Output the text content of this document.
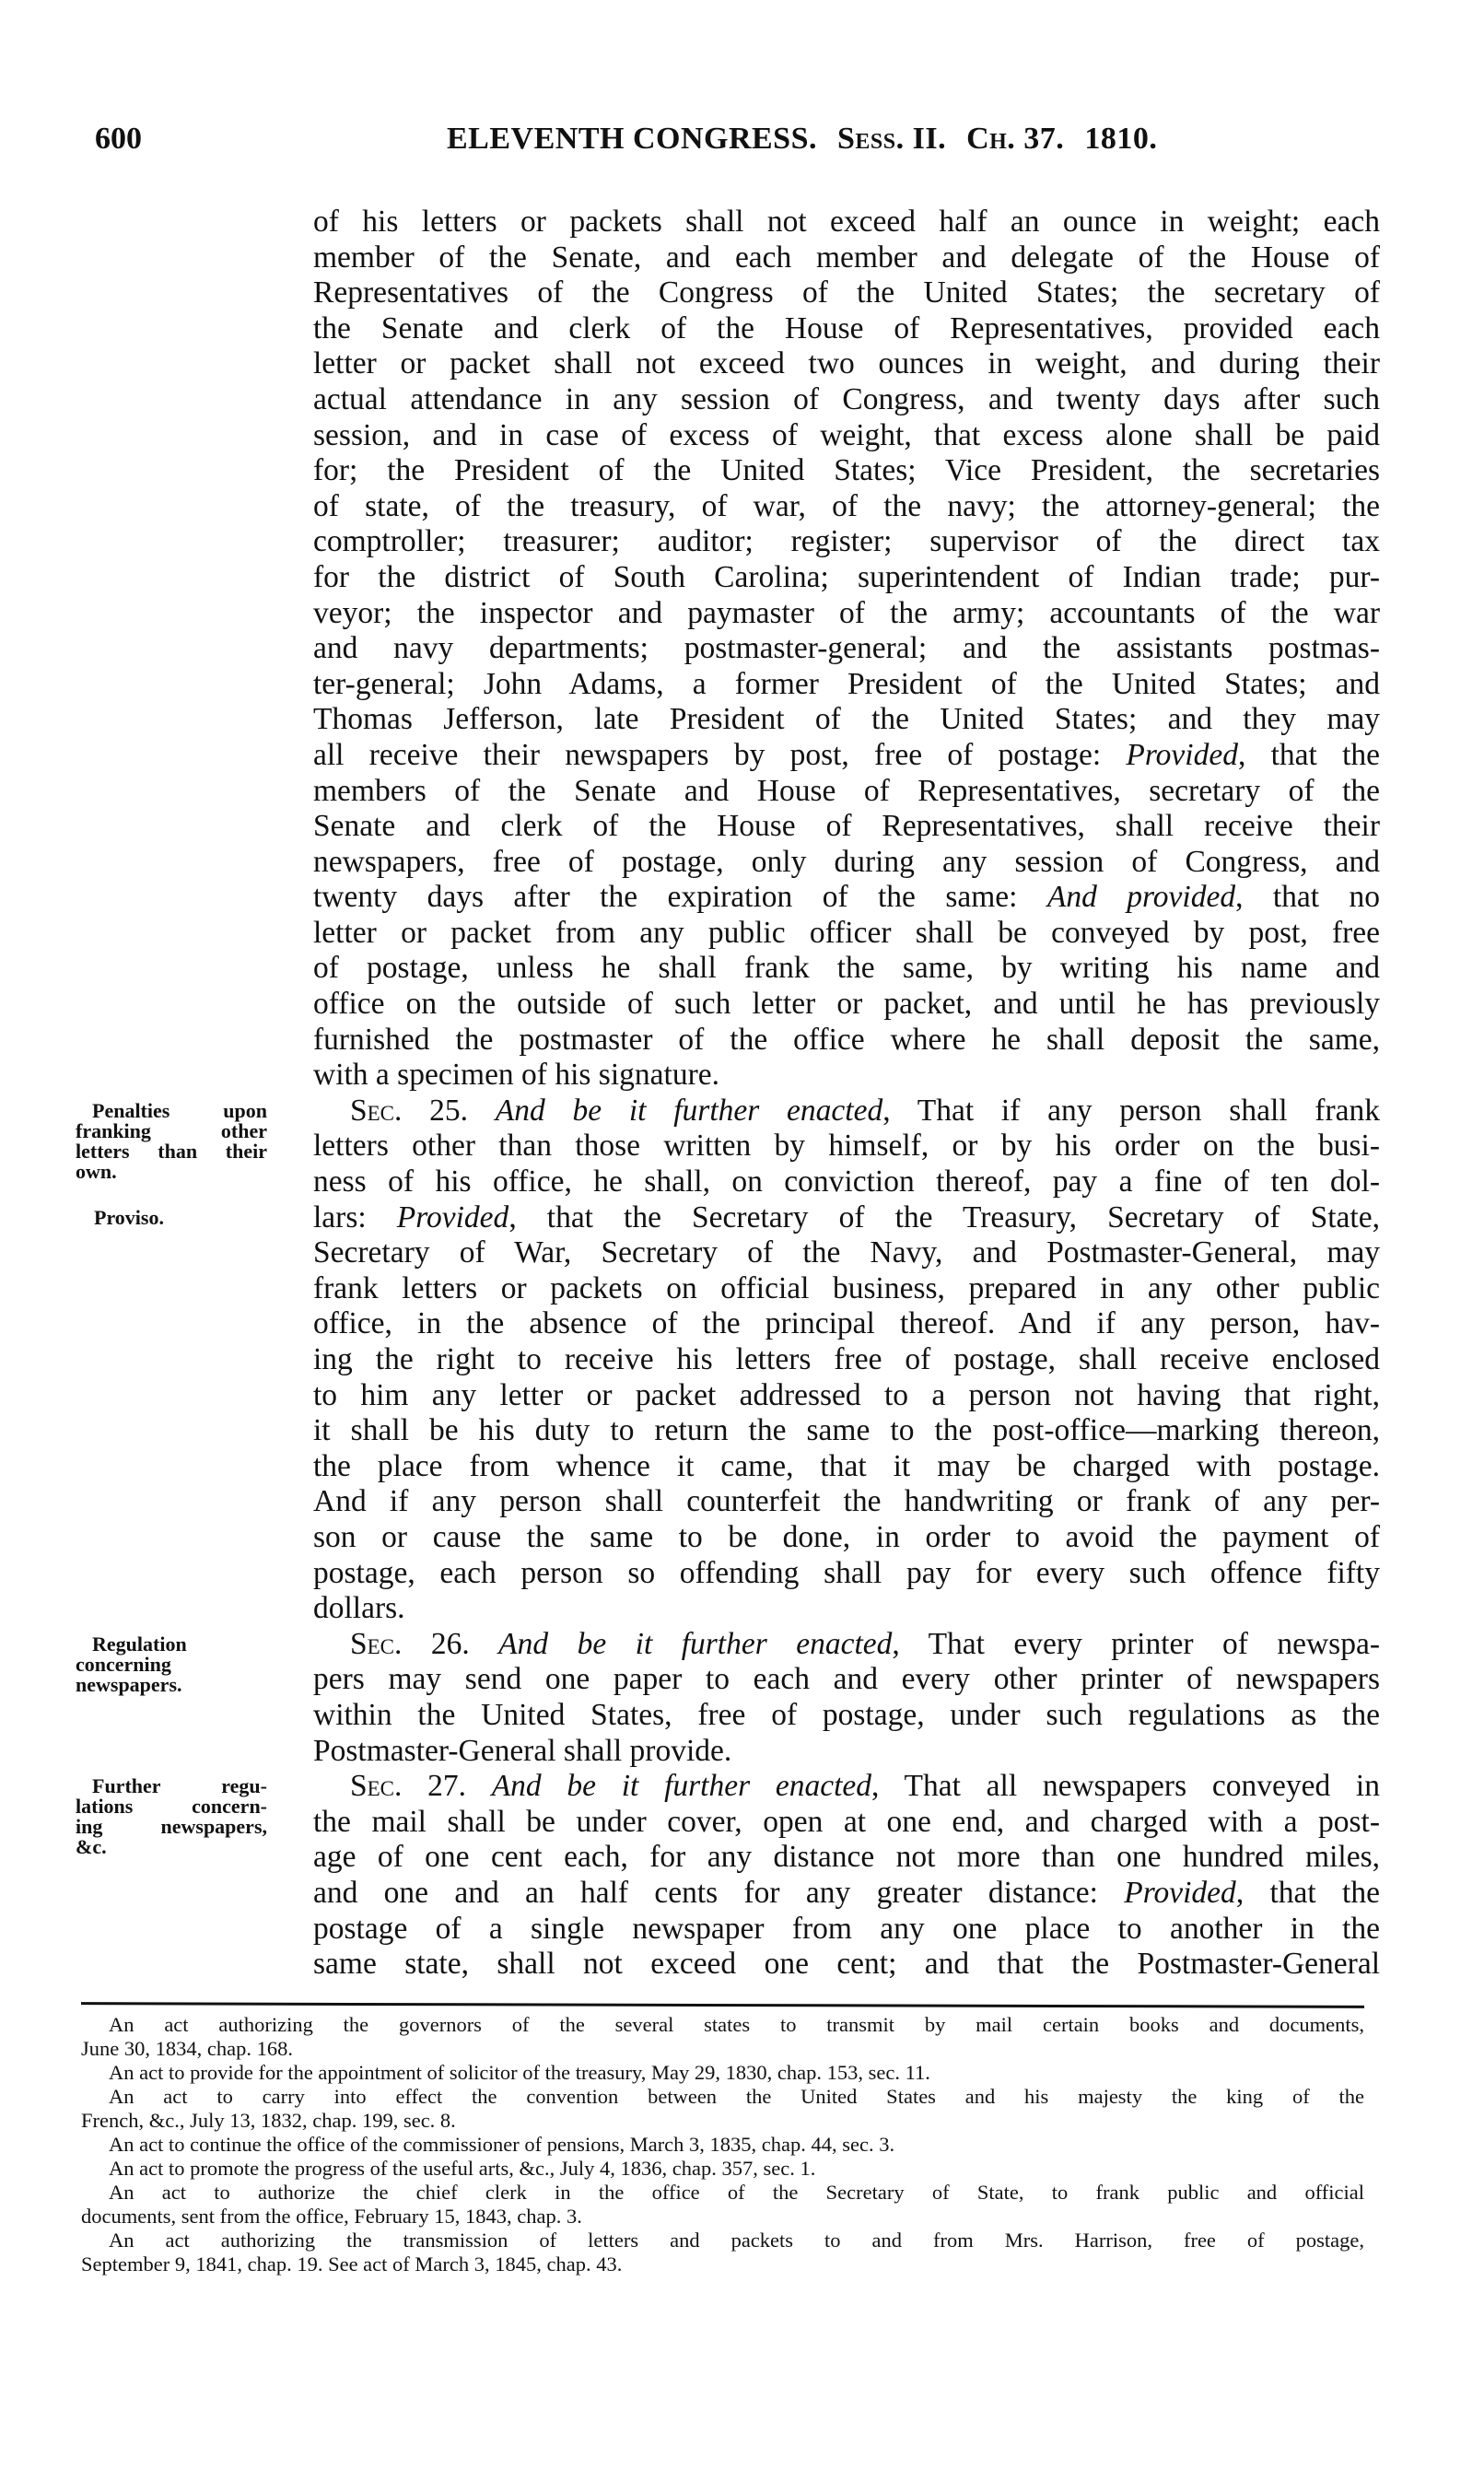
600	ELEVENTH CONGRESS. Sess. II. Ch. 37. 1810.
of his letters or packets shall not exceed half an ounce in weight; each
member of the Senate, and each member and delegate of the House of
Representatives of the Congress of the United States; the secretary of
the Senate and clerk of the House of Representatives, provided each
letter or packet shall not exceed two ounces in weight, and during their
actual attendance in any session of Congress, and twenty days after such
session, and in case of excess of weight, that excess alone shall be paid
for; the President of the United States; Vice President, the secretaries
of state, of the treasury, of war, of the navy; the attorney-general; the
comptroller; treasurer; auditor; register; supervisor of the direct tax
for the district of South Carolina; superintendent of Indian trade; pur-
veyor; the inspector and paymaster of the army; accountants of the war
and navy departments; postmaster-general; and the assistants postmas-
ter-general; John Adams, a former President of the United States; and
Thomas Jefferson, late President of the United States; and they may
all receive their newspapers by post, free of postage: Provided, that the
members of the Senate and House of Representatives, secretary of the
Senate and clerk of the House of Representatives, shall receive their
newspapers, free of postage, only during any session of Congress, and
twenty days after the expiration of the same: And provided, that no
letter or packet from any public officer shall be conveyed by post, free
of postage, unless he shall frank the same, by writing his name and
office on the outside of such letter or packet, and until he has previously
furnished the postmaster of the office where he shall deposit the same,
with a specimen of his signature.
Sec. 25. And be it further enacted, That if any person shall frank
letters other than those written by himself, or by his order on the busi-
ness of his office, he shall, on conviction thereof, pay a fine of ten dol-
lars: Provided, that the Secretary of the Treasury, Secretary of State,
Secretary of War, Secretary of the Navy, and Postmaster-General, may
frank letters or packets on official business, prepared in any other public
office, in the absence of the principal thereof. And if any person, hav-
ing the right to receive his letters free of postage, shall receive enclosed
to him any letter or packet addressed to a person not having that right,
it shall be his duty to return the same to the post-office—marking thereon,
the place from whence it came, that it may be charged with postage.
And if any person shall counterfeit the handwriting or frank of any per-
son or cause the same to be done, in order to avoid the payment of
postage, each person so offending shall pay for every such offence fifty
dollars.
Sec. 26. And be it further enacted, That every printer of newspa-
pers may send one paper to each and every other printer of newspapers
within the United States, free of postage, under such regulations as the
Postmaster-General shall provide.
Sec. 27. And be it further enacted, That all newspapers conveyed in
the mail shall be under cover, open at one end, and charged with a post-
age of one cent each, for any distance not more than one hundred miles,
and one and an half cents for any greater distance: Provided, that the
postage of a single newspaper from any one place to another in the
same state, shall not exceed one cent; and that the Postmaster-General
Penalties upon
franking other
letters than their
own.
Proviso.
Regulation
concerning
newspapers.
Further regu-
lations concern-
ing newspapers,
&c.
An act authorizing the governors of the several states to transmit by mail certain books and documents,
June 30, 1834, chap. 168.
An act to provide for the appointment of solicitor of the treasury, May 29, 1830, chap. 153, sec. 11.
An act to carry into effect the convention between the United States and his majesty the king of the
French, &c., July 13, 1832, chap. 199, sec. 8.
An act to continue the office of the commissioner of pensions, March 3, 1835, chap. 44, sec. 3.
An act to promote the progress of the useful arts, &c., July 4, 1836, chap. 357, sec. 1.
An act to authorize the chief clerk in the office of the Secretary of State, to frank public and official
documents, sent from the office, February 15, 1843, chap. 3.
An act authorizing the transmission of letters and packets to and from Mrs. Harrison, free of postage,
September 9, 1841, chap. 19. See act of March 3, 1845, chap. 43.
